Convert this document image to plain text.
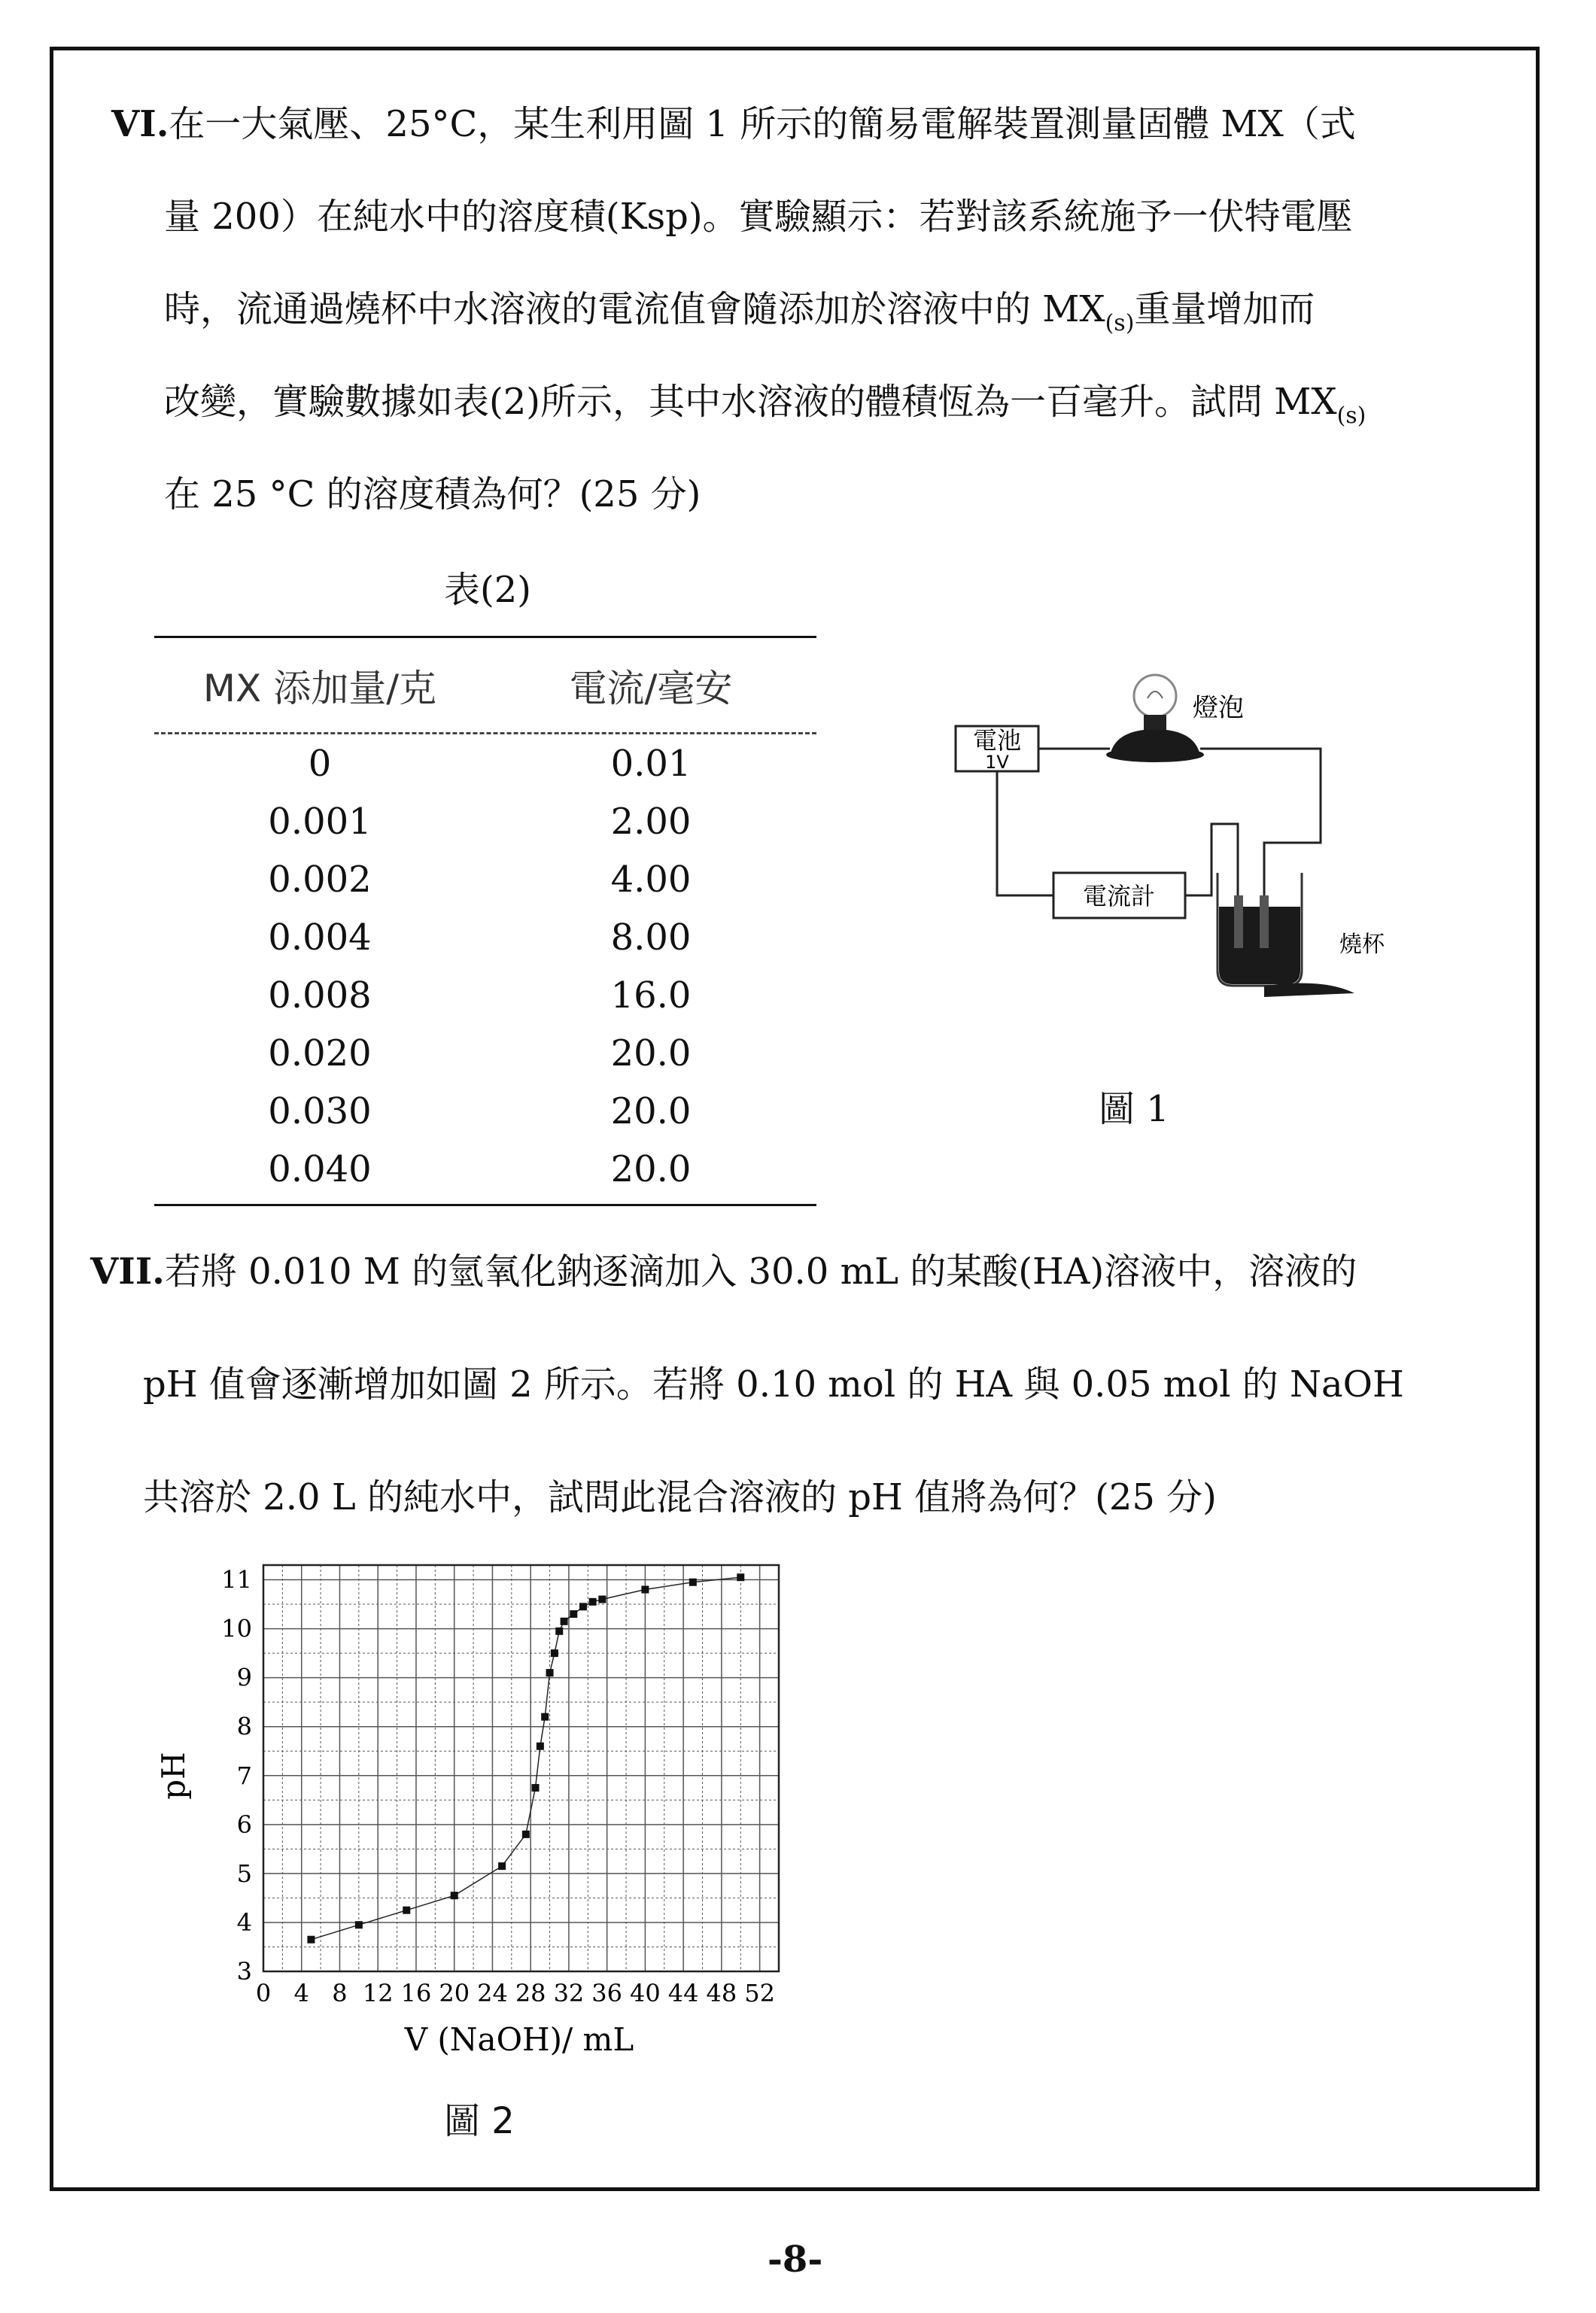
VI.在一大氣壓、25°C，某生利用圖 1 所示的簡易電解裝置測量固體 MX（式
量 200）在純水中的溶度積(Ksp)。實驗顯示：若對該系統施予一伏特電壓
時，流通過燒杯中水溶液的電流值會隨添加於溶液中的 $MX_{(s)}$重量增加而
改變，實驗數據如表(2)所示，其中水溶液的體積恆為一百毫升。試問 $MX_{(s)}$
在 25 °C 的溶度積為何？(25 分)
表(2)
MX 添加量/克	電流/毫安
0	0.01
0.001	2.00
0.002	4.00
0.004	8.00
0.008	16.0
0.020	20.0
0.030	20.0
0.040	20.0
電池
1V
燈泡
電流計
燒杯
圖 1
VII.若將 0.010 M 的氫氧化鈉逐滴加入 30.0 mL 的某酸(HA)溶液中，溶液的
pH 值會逐漸增加如圖 2 所示。若將 0.10 mol 的 HA 與 0.05 mol 的 NaOH
共溶於 2.0 L 的純水中，試問此混合溶液的 pH 值將為何？(25 分)
0 4 8 12 16 20 24 28 32 36 40 44 48 52
3
4
5
6
7
8
9
10
11
V (NaOH)/ mL
pH
圖 2
-8-
